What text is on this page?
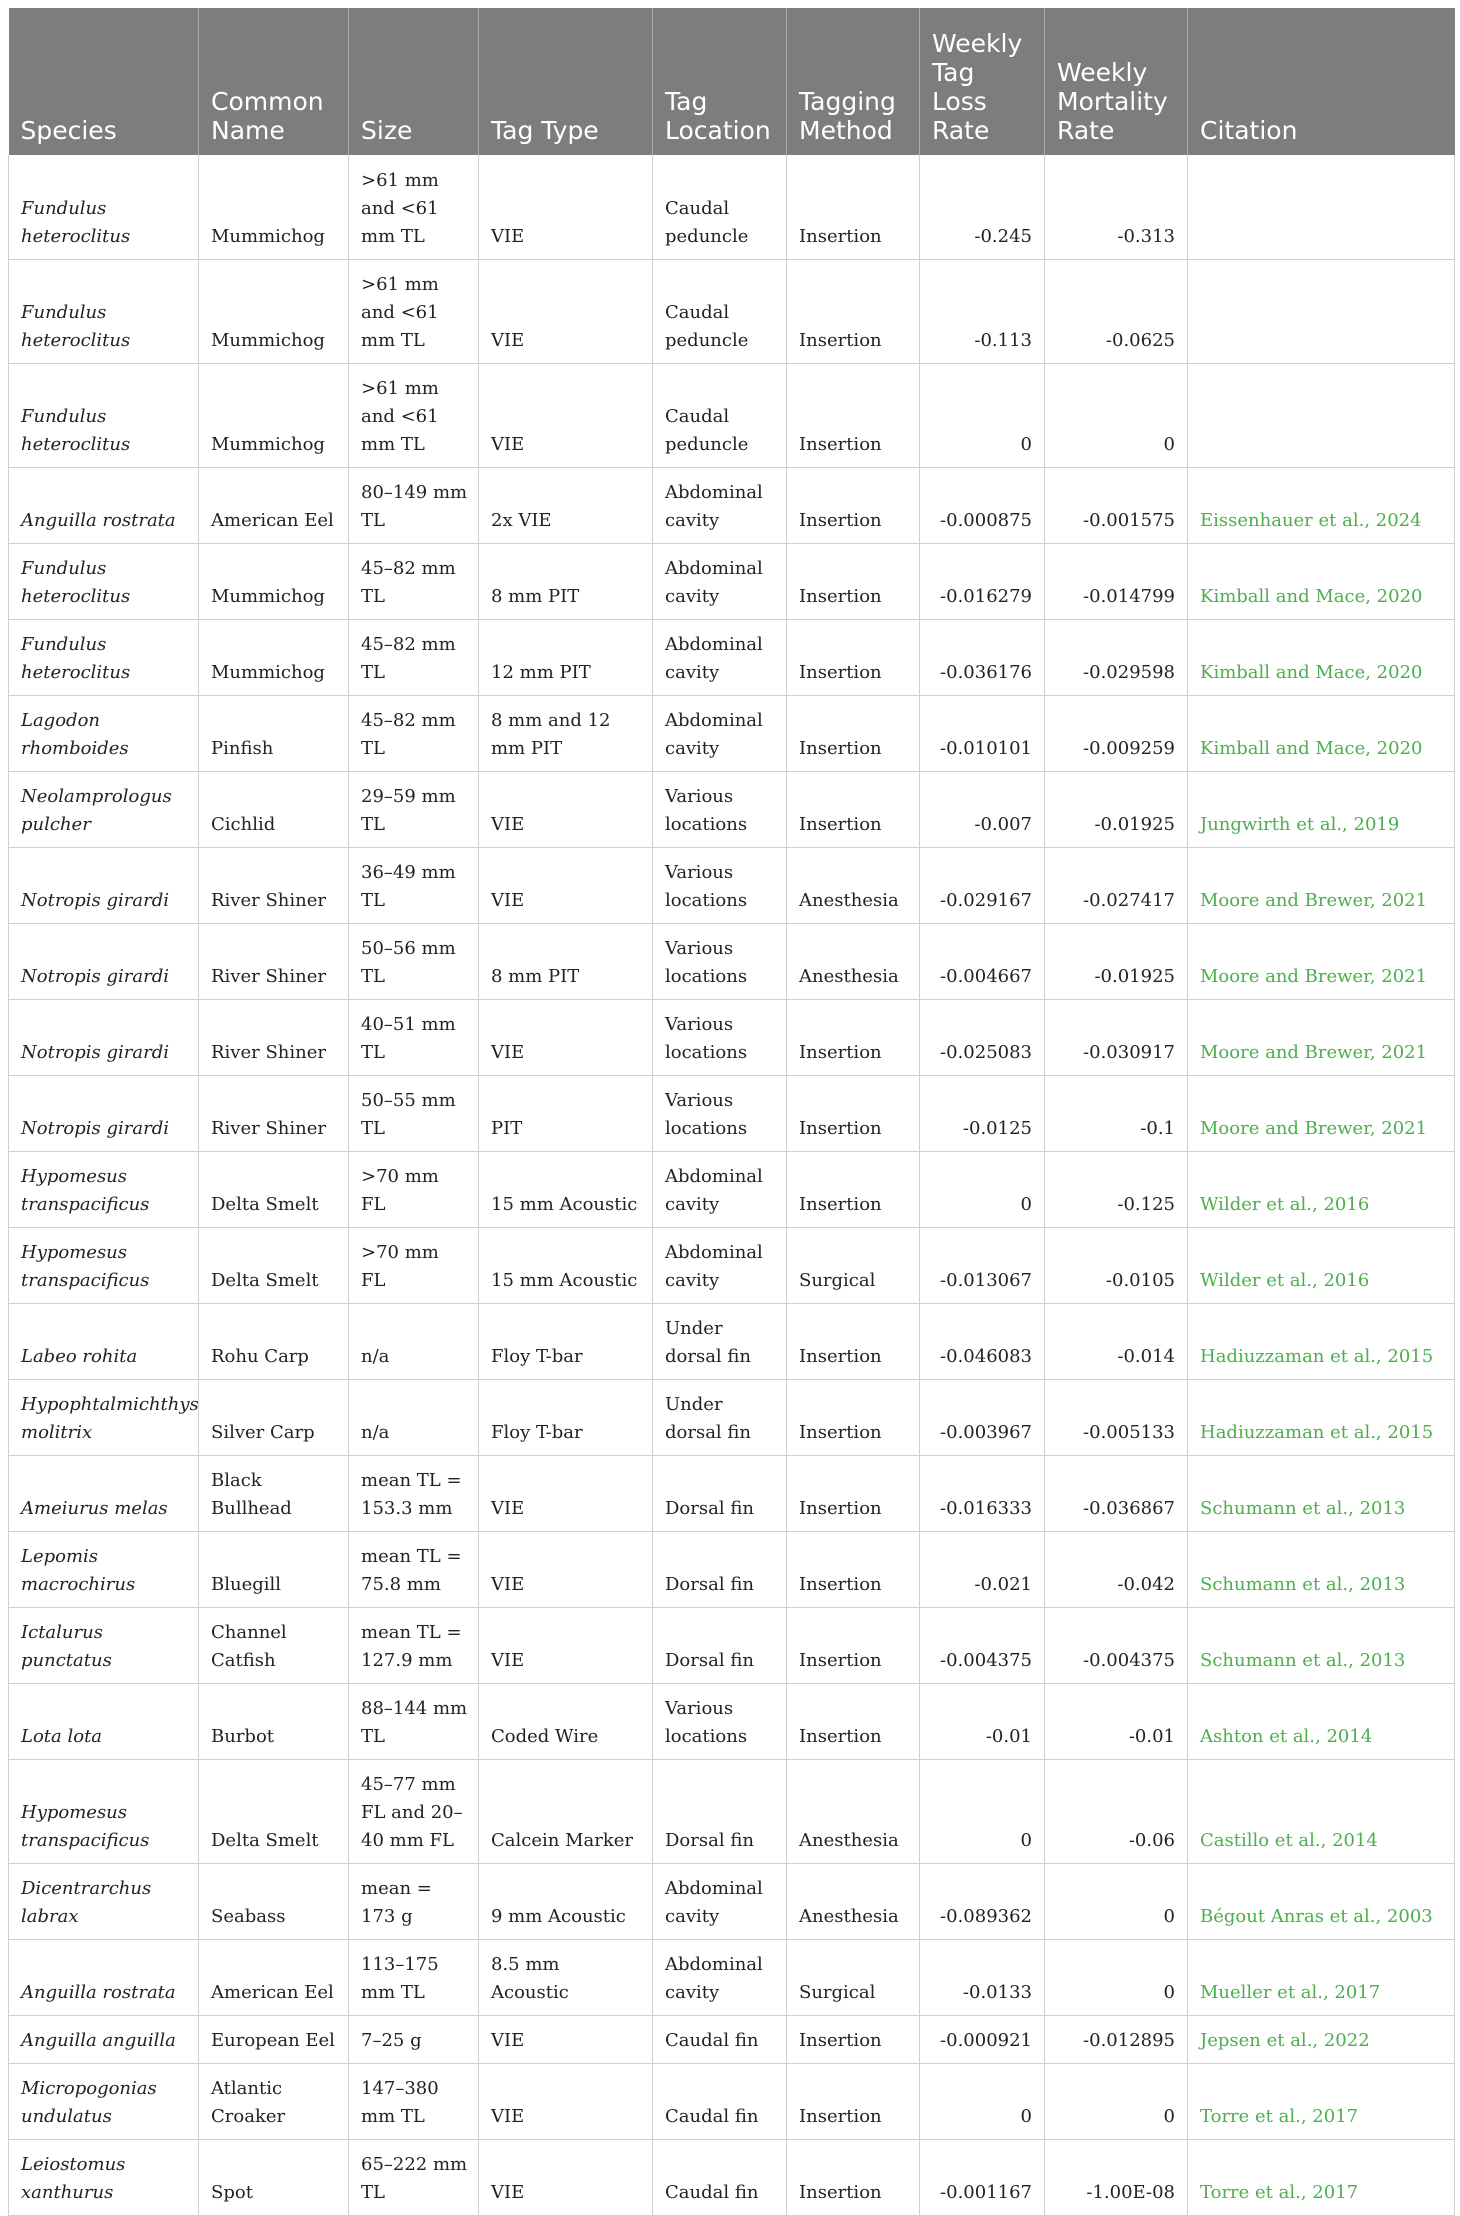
Species	Common Name	Size	Tag Type	Tag Location	Tagging Method	Weekly Tag Loss Rate	Weekly Mortality Rate	Citation
Fundulus heteroclitus	Mummichog	>61 mm and <61 mm TL	VIE	Caudal peduncle	Insertion	-0.245	-0.313	
Fundulus heteroclitus	Mummichog	>61 mm and <61 mm TL	VIE	Caudal peduncle	Insertion	-0.113	-0.0625	
Fundulus heteroclitus	Mummichog	>61 mm and <61 mm TL	VIE	Caudal peduncle	Insertion	0	0	
Anguilla rostrata	American Eel	80–149 mm TL	2x VIE	Abdominal cavity	Insertion	-0.000875	-0.001575	Eissenhauer et al., 2024
Fundulus heteroclitus	Mummichog	45–82 mm TL	8 mm PIT	Abdominal cavity	Insertion	-0.016279	-0.014799	Kimball and Mace, 2020
Fundulus heteroclitus	Mummichog	45–82 mm TL	12 mm PIT	Abdominal cavity	Insertion	-0.036176	-0.029598	Kimball and Mace, 2020
Lagodon rhomboides	Pinfish	45–82 mm TL	8 mm and 12 mm PIT	Abdominal cavity	Insertion	-0.010101	-0.009259	Kimball and Mace, 2020
Neolamprologus pulcher	Cichlid	29–59 mm TL	VIE	Various locations	Insertion	-0.007	-0.01925	Jungwirth et al., 2019
Notropis girardi	River Shiner	36–49 mm TL	VIE	Various locations	Anesthesia	-0.029167	-0.027417	Moore and Brewer, 2021
Notropis girardi	River Shiner	50–56 mm TL	8 mm PIT	Various locations	Anesthesia	-0.004667	-0.01925	Moore and Brewer, 2021
Notropis girardi	River Shiner	40–51 mm TL	VIE	Various locations	Insertion	-0.025083	-0.030917	Moore and Brewer, 2021
Notropis girardi	River Shiner	50–55 mm TL	PIT	Various locations	Insertion	-0.0125	-0.1	Moore and Brewer, 2021
Hypomesus transpacificus	Delta Smelt	>70 mm FL	15 mm Acoustic	Abdominal cavity	Insertion	0	-0.125	Wilder et al., 2016
Hypomesus transpacificus	Delta Smelt	>70 mm FL	15 mm Acoustic	Abdominal cavity	Surgical	-0.013067	-0.0105	Wilder et al., 2016
Labeo rohita	Rohu Carp	n/a	Floy T-bar	Under dorsal fin	Insertion	-0.046083	-0.014	Hadiuzzaman et al., 2015
Hypophtalmichthys molitrix	Silver Carp	n/a	Floy T-bar	Under dorsal fin	Insertion	-0.003967	-0.005133	Hadiuzzaman et al., 2015
Ameiurus melas	Black Bullhead	mean TL = 153.3 mm	VIE	Dorsal fin	Insertion	-0.016333	-0.036867	Schumann et al., 2013
Lepomis macrochirus	Bluegill	mean TL = 75.8 mm	VIE	Dorsal fin	Insertion	-0.021	-0.042	Schumann et al., 2013
Ictalurus punctatus	Channel Catfish	mean TL = 127.9 mm	VIE	Dorsal fin	Insertion	-0.004375	-0.004375	Schumann et al., 2013
Lota lota	Burbot	88–144 mm TL	Coded Wire	Various locations	Insertion	-0.01	-0.01	Ashton et al., 2014
Hypomesus transpacificus	Delta Smelt	45–77 mm FL and 20–40 mm FL	Calcein Marker	Dorsal fin	Anesthesia	0	-0.06	Castillo et al., 2014
Dicentrarchus labrax	Seabass	mean = 173 g	9 mm Acoustic	Abdominal cavity	Anesthesia	-0.089362	0	Bégout Anras et al., 2003
Anguilla rostrata	American Eel	113–175 mm TL	8.5 mm Acoustic	Abdominal cavity	Surgical	-0.0133	0	Mueller et al., 2017
Anguilla anguilla	European Eel	7–25 g	VIE	Caudal fin	Insertion	-0.000921	-0.012895	Jepsen et al., 2022
Micropogonias undulatus	Atlantic Croaker	147–380 mm TL	VIE	Caudal fin	Insertion	0	0	Torre et al., 2017
Leiostomus xanthurus	Spot	65–222 mm TL	VIE	Caudal fin	Insertion	-0.001167	-1.00E-08	Torre et al., 2017
